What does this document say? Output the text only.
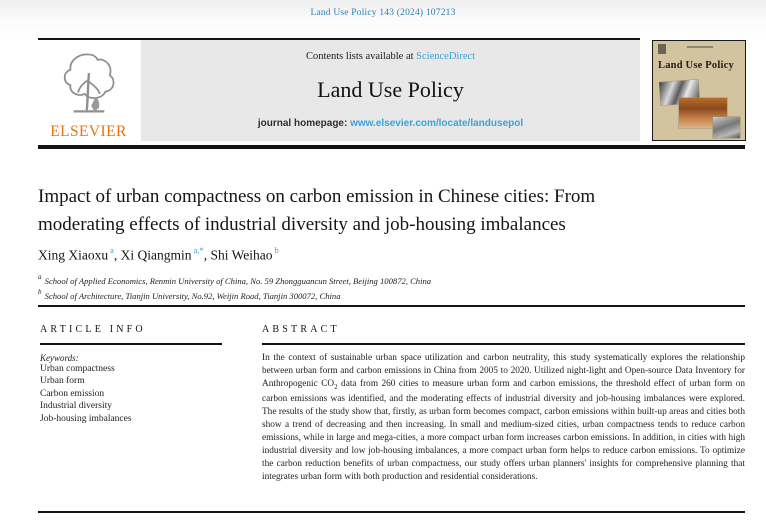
Land Use Policy 143 (2024) 107213
ELSEVIER
Contents lists available at ScienceDirect
Land Use Policy
journal homepage: www.elsevier.com/locate/landusepol
Land Use Policy
Impact of urban compactness on carbon emission in Chinese cities: From
moderating effects of industrial diversity and job-housing imbalances
Xing Xiaoxu $^a$, Xi Qiangmin $^{a,*}$, Shi Weihao $^b$
$^a$ School of Applied Economics, Renmin University of China, No. 59 Zhongguancun Street, Beijing 100872, China
$^b$ School of Architecture, Tianjin University, No.92, Weijin Road, Tianjin 300072, China
ARTICLE INFO
Keywords:
Urban compactness
Urban form
Carbon emission
Industrial diversity
Job-housing imbalances
ABSTRACT

In the context of sustainable urban space utilization and carbon neutrality, this study systematically explores the relationship between urban form and carbon emissions in China from 2005 to 2020. Utilized night-light and Open-source Data Inventory for Anthropogenic $CO_2$ data from 260 cities to measure urban form and carbon emissions, the threshold effect of urban form on carbon emissions was identified, and the moderating effects of industrial diversity and job-housing imbalances were explored. The results of the study show that, firstly, as urban form becomes compact, carbon emissions within built-up areas and cities both show a trend of decreasing and then increasing. In small and medium-sized cities, urban compactness tends to reduce carbon emissions, while in large and mega-cities, a more compact urban form increases carbon emissions. In addition, in cities with high industrial diversity and low job-housing imbalances, a more compact urban form helps to reduce carbon emissions. To optimize the carbon reduction benefits of urban compactness, our study offers urban planners' insights for comprehensive planning that integrates urban form with both production and residential considerations.
